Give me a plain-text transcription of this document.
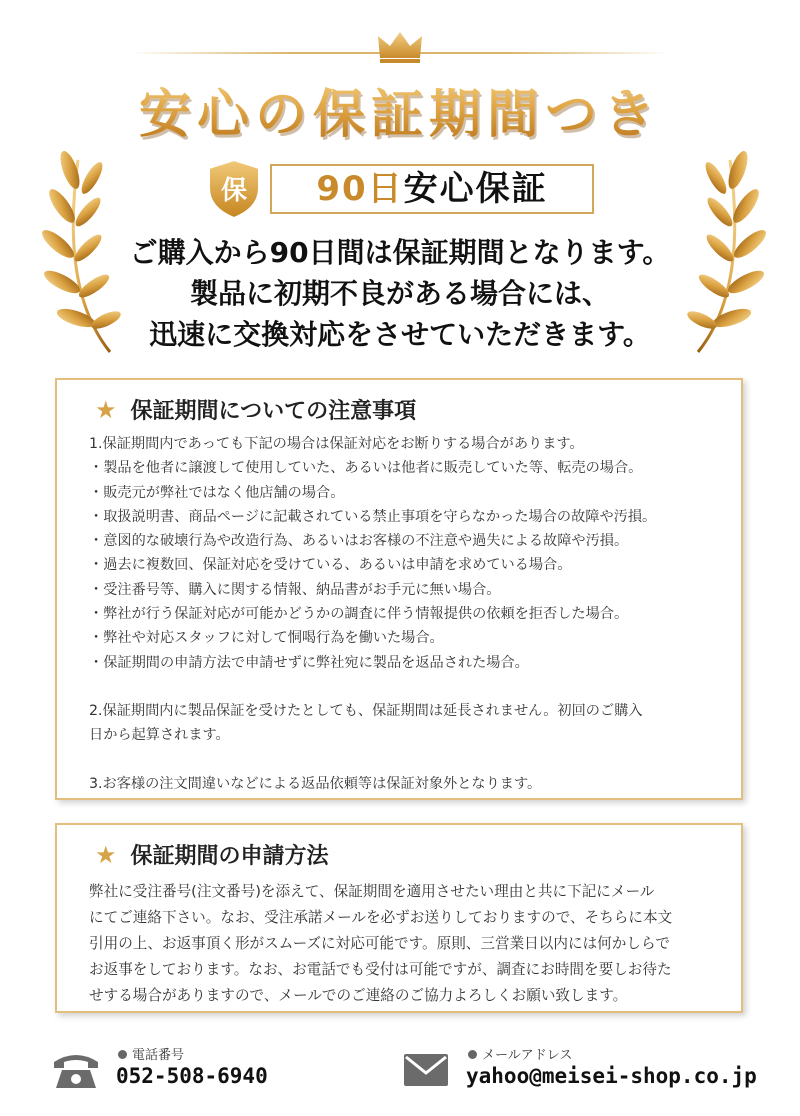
安心の保証期間つき
保	90日安心保証
ご購入から90日間は保証期間となります。
製品に初期不良がある場合には、
迅速に交換対応をさせていただきます。
★ 保証期間についての注意事項
1.保証期間内であっても下記の場合は保証対応をお断りする場合があります。
・製品を他者に譲渡して使用していた、あるいは他者に販売していた等、転売の場合。
・販売元が弊社ではなく他店舗の場合。
・取扱説明書、商品ページに記載されている禁止事項を守らなかった場合の故障や汚損。
・意図的な破壊行為や改造行為、あるいはお客様の不注意や過失による故障や汚損。
・過去に複数回、保証対応を受けている、あるいは申請を求めている場合。
・受注番号等、購入に関する情報、納品書がお手元に無い場合。
・弊社が行う保証対応が可能かどうかの調査に伴う情報提供の依頼を拒否した場合。
・弊社や対応スタッフに対して恫喝行為を働いた場合。
・保証期間の申請方法で申請せずに弊社宛に製品を返品された場合。
2.保証期間内に製品保証を受けたとしても、保証期間は延長されません。初回のご購入
日から起算されます。
3.お客様の注文間違いなどによる返品依頼等は保証対象外となります。
★ 保証期間の申請方法
弊社に受注番号(注文番号)を添えて、保証期間を適用させたい理由と共に下記にメール
にてご連絡下さい。なお、受注承諾メールを必ずお送りしておりますので、そちらに本文
引用の上、お返事頂く形がスムーズに対応可能です。原則、三営業日以内には何かしらで
お返事をしております。なお、お電話でも受付は可能ですが、調査にお時間を要しお待た
せする場合がありますので、メールでのご連絡のご協力よろしくお願い致します。
電話番号
052-508-6940
メールアドレス
yahoo@meisei-shop.co.jp
